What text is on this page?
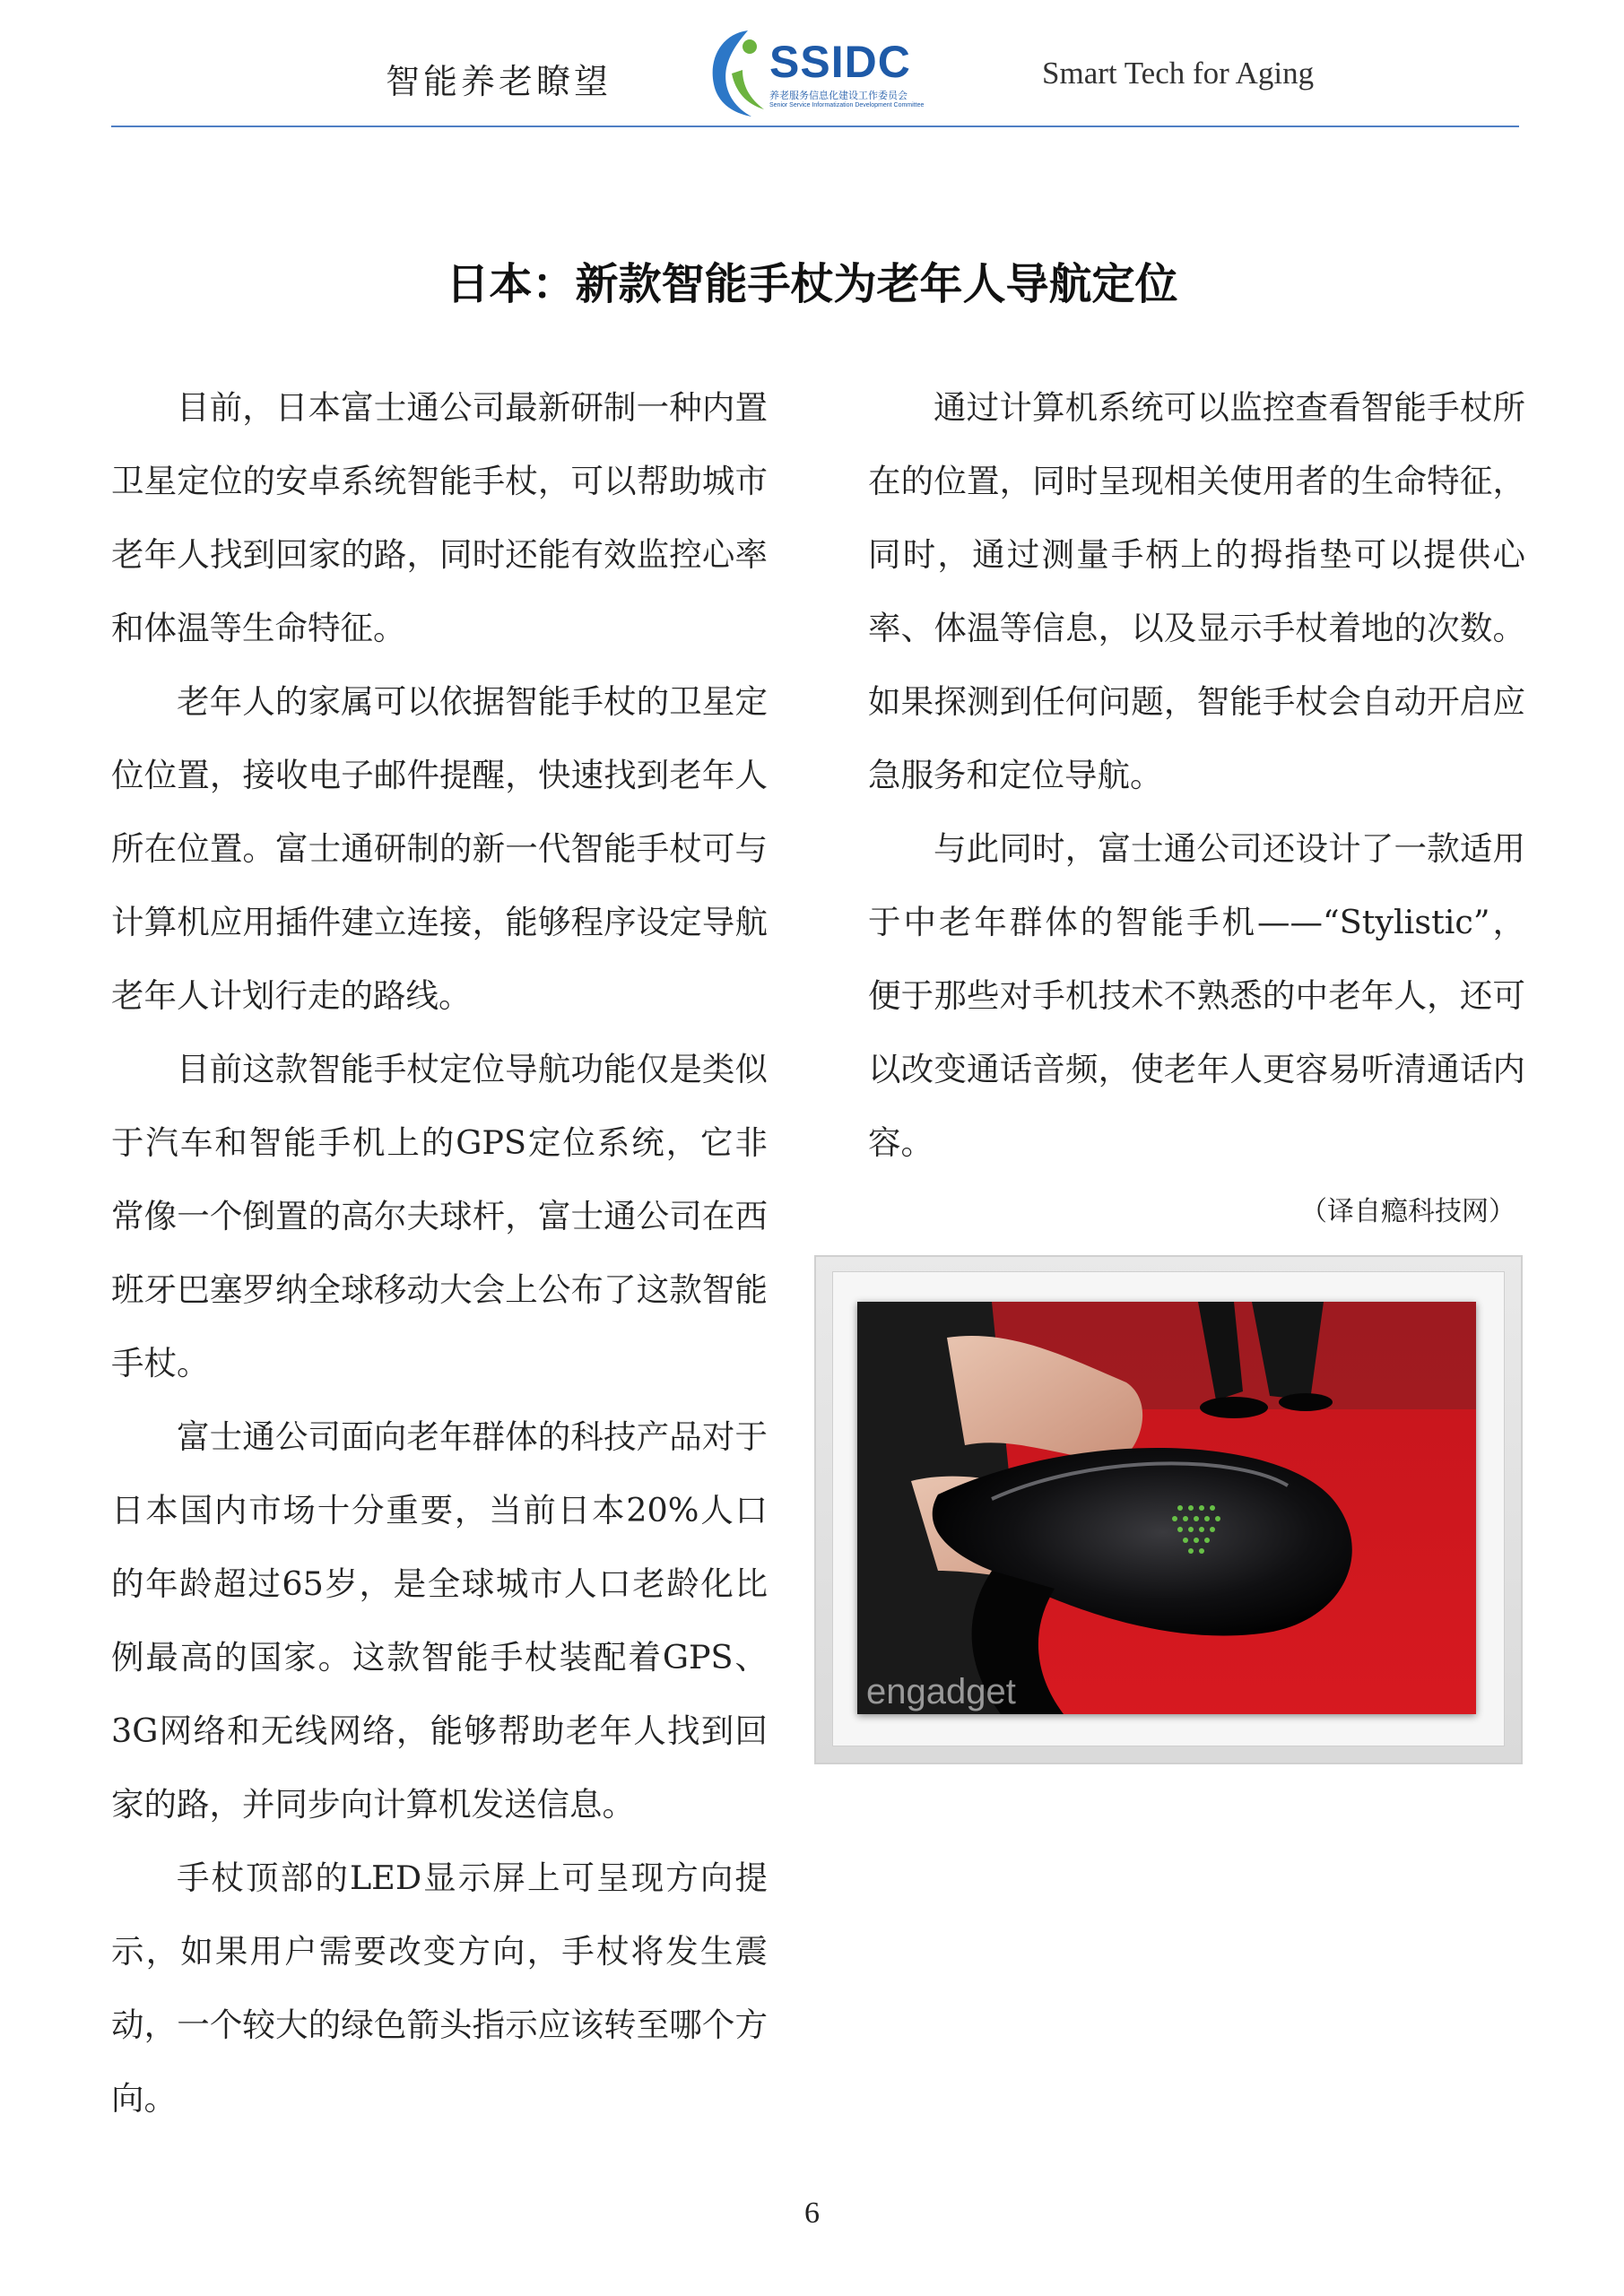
智能养老瞭望	SSIDC
养老服务信息化建设工作委员会
Senior Service Informatization Development Committee
Smart Tech for Aging
日本：新款智能手杖为老年人导航定位

目前，日本富士通公司最新研制一种内置卫星定位的安卓系统智能手杖，可以帮助城市老年人找到回家的路，同时还能有效监控心率和体温等生命特征。

老年人的家属可以依据智能手杖的卫星定位位置，接收电子邮件提醒，快速找到老年人所在位置。富士通研制的新一代智能手杖可与计算机应用插件建立连接，能够程序设定导航老年人计划行走的路线。

目前这款智能手杖定位导航功能仅是类似于汽车和智能手机上的GPS定位系统，它非常像一个倒置的高尔夫球杆，富士通公司在西班牙巴塞罗纳全球移动大会上公布了这款智能手杖。

富士通公司面向老年群体的科技产品对于日本国内市场十分重要，当前日本20%人口的年龄超过65岁，是全球城市人口老龄化比例最高的国家。这款智能手杖装配着GPS、3G网络和无线网络，能够帮助老年人找到回家的路，并同步向计算机发送信息。

手杖顶部的LED显示屏上可呈现方向提示，如果用户需要改变方向，手杖将发生震动，一个较大的绿色箭头指示应该转至哪个方向。

通过计算机系统可以监控查看智能手杖所在的位置，同时呈现相关使用者的生命特征，同时，通过测量手柄上的拇指垫可以提供心率、体温等信息，以及显示手杖着地的次数。如果探测到任何问题，智能手杖会自动开启应急服务和定位导航。

与此同时，富士通公司还设计了一款适用于中老年群体的智能手机——“Stylistic”，便于那些对手机技术不熟悉的中老年人，还可以改变通话音频，使老年人更容易听清通话内容。

（译自瘾科技网）
engadget
6
